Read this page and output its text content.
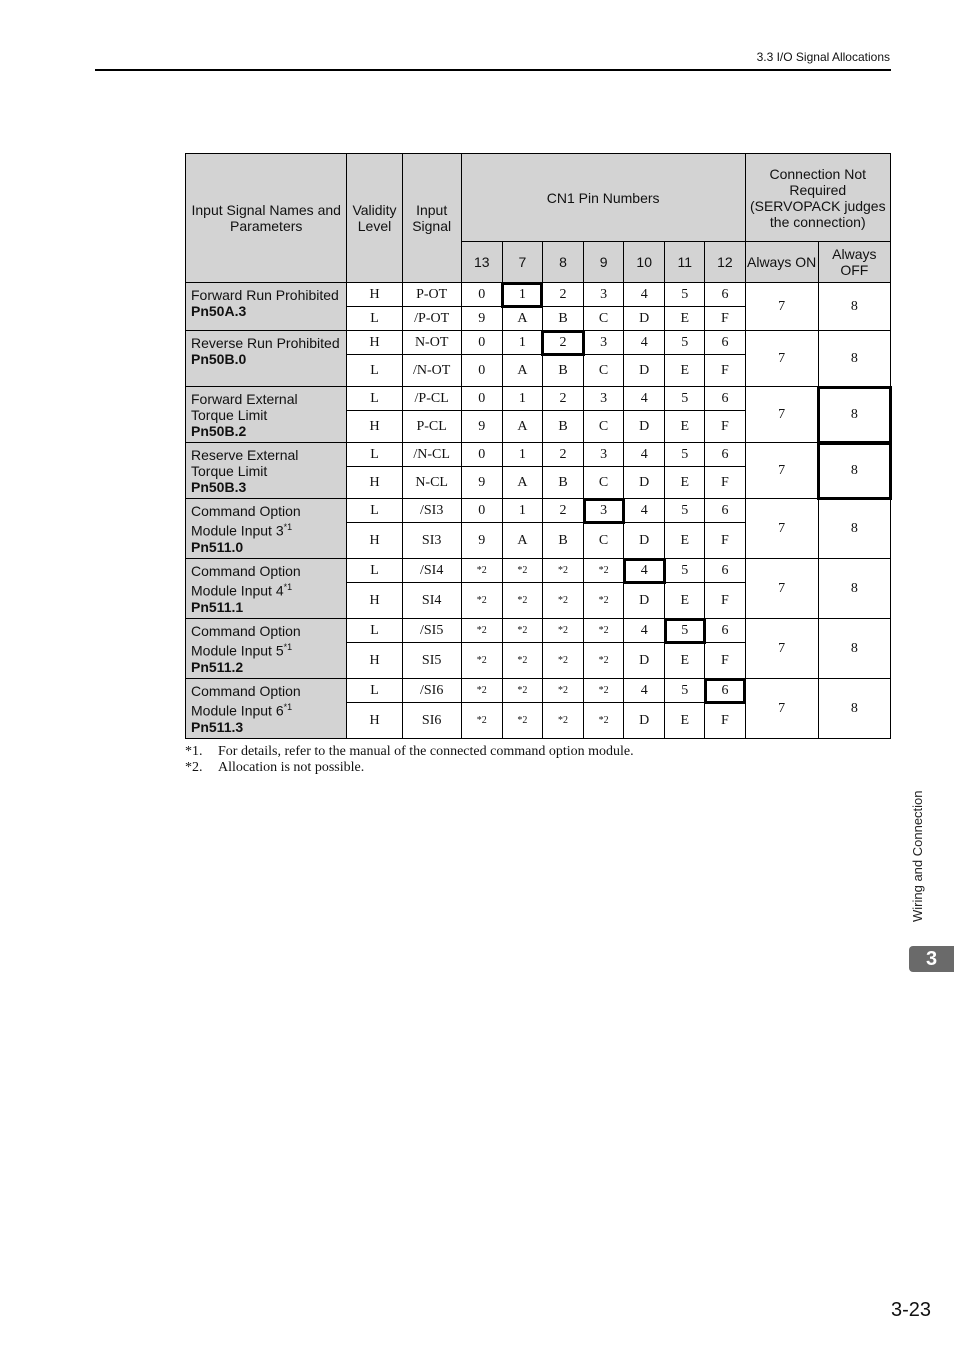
3.3 I/O Signal Allocations
Input Signal Names and Parameters	Validity Level	Input Signal	CN1 Pin Numbers							Connection Not Required (SERVOPACK judges the connection)	
			13	7	8	9	10	11	12	Always ON	Always OFF
Forward Run Prohibited
Pn50A.3	H	P-OT	0	1	2	3	4	5	6	7	8
	L	/P-OT	9	A	B	C	D	E	F		
Reverse Run Prohibited
Pn50B.0	H	N-OT	0	1	2	3	4	5	6	7	8
	L	/N-OT	0	A	B	C	D	E	F		
Forward External Torque Limit
Pn50B.2	L	/P-CL	0	1	2	3	4	5	6	7	8
	H	P-CL	9	A	B	C	D	E	F		
Reserve External Torque Limit
Pn50B.3	L	/N-CL	0	1	2	3	4	5	6	7	8
	H	N-CL	9	A	B	C	D	E	F		
Command Option Module Input 3$^{*1}$
Pn511.0	L	/SI3	0	1	2	3	4	5	6	7	8
	H	SI3	9	A	B	C	D	E	F		
Command Option Module Input 4$^{*1}$
Pn511.1	L	/SI4	*2	*2	*2	*2	4	5	6	7	8
	H	SI4	*2	*2	*2	*2	D	E	F		
Command Option Module Input 5$^{*1}$
Pn511.2	L	/SI5	*2	*2	*2	*2	4	5	6	7	8
	H	SI5	*2	*2	*2	*2	D	E	F		
Command Option Module Input 6$^{*1}$
Pn511.3	L	/SI6	*2	*2	*2	*2	4	5	6	7	8
	H	SI6	*2	*2	*2	*2	D	E	F		
*1.	For details, refer to the manual of the connected command option module.
*2.	Allocation is not possible.
Wiring and Connection
3
3-23
